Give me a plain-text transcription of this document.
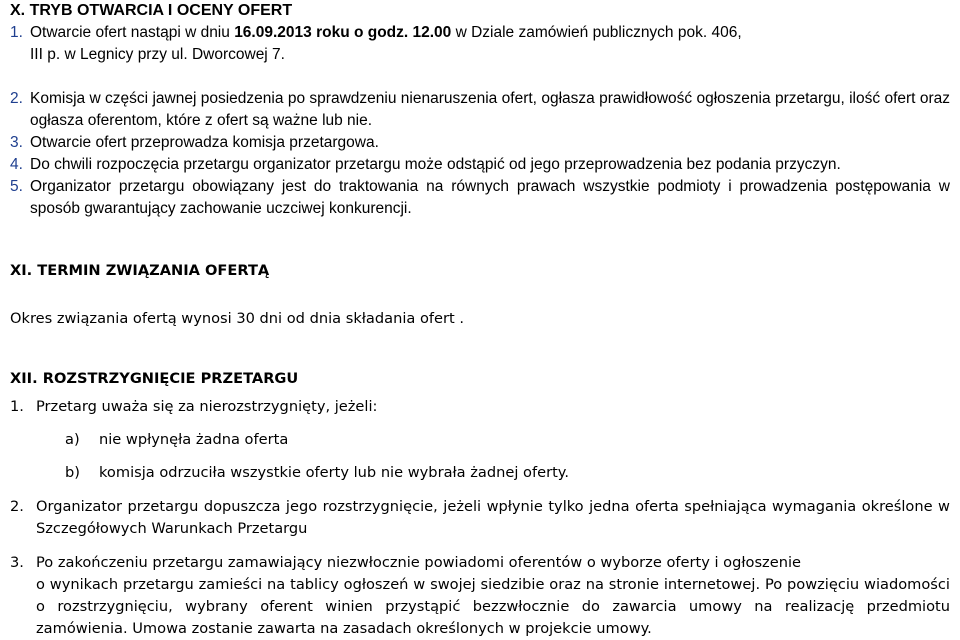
X. TRYB OTWARCIA I OCENY OFERT
1. Otwarcie ofert nastąpi w dniu 16.09.2013 roku o godz. 12.00 w Dziale zamówień publicznych pok. 406,
III p. w Legnicy przy ul. Dworcowej 7.
2. Komisja w części jawnej posiedzenia po sprawdzeniu nienaruszenia ofert, ogłasza prawidłowość ogłoszenia przetargu, ilość ofert oraz ogłasza oferentom, które z ofert są ważne lub nie.
3. Otwarcie ofert przeprowadza komisja przetargowa.
4. Do chwili rozpoczęcia przetargu organizator przetargu może odstąpić od jego przeprowadzenia bez podania przyczyn.
5. Organizator przetargu obowiązany jest do traktowania na równych prawach wszystkie podmioty i prowadzenia postępowania w sposób gwarantujący zachowanie uczciwej konkurencji.
XI. TERMIN ZWIĄZANIA OFERTĄ
Okres związania ofertą wynosi 30 dni od dnia składania ofert .
XII. ROZSTRZYGNIĘCIE PRZETARGU
1. Przetarg uważa się za nierozstrzygnięty, jeżeli:
a)	nie wpłynęła żadna oferta
b)	komisja odrzuciła wszystkie oferty lub nie wybrała żadnej oferty.
2. Organizator przetargu dopuszcza jego rozstrzygnięcie, jeżeli wpłynie tylko jedna oferta spełniająca wymagania określone w Szczegółowych Warunkach Przetargu
3. Po zakończeniu przetargu zamawiający niezwłocznie powiadomi oferentów o wyborze oferty i ogłoszenie
o wynikach przetargu zamieści na tablicy ogłoszeń w swojej siedzibie oraz na stronie internetowej. Po powzięciu wiadomości o rozstrzygnięciu, wybrany oferent winien przystąpić bezzwłocznie do zawarcia umowy na realizację przedmiotu zamówienia. Umowa zostanie zawarta na zasadach określonych w projekcie umowy.
